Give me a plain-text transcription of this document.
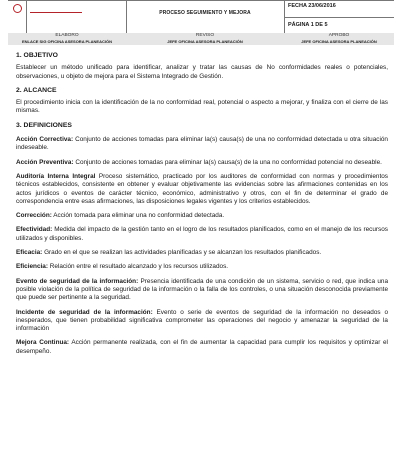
PROCESO SEGUIMIENTO Y MEJORA
FECHA 23/06/2016
PÁGINA 1 DE 5
ELABORO	REVISO	APROBO
ENLACE SIG OFICINA ASESORA PLANEACIÓN	JEFE OFICINA ASESORA PLANEACIÓN	JEFE OFICINA ASESORA PLANEACIÓN
1. OBJETIVO
Establecer un método unificado para identificar, analizar y tratar las causas de No conformidades reales o potenciales, observaciones, u objeto de mejora para el Sistema Integrado de Gestión.
2. ALCANCE
El procedimiento inicia con la identificación de la no conformidad real, potencial o aspecto a mejorar, y finaliza con el cierre de las mismas.
3. DEFINICIONES
Acción Correctiva: Conjunto de acciones tomadas para eliminar la(s) causa(s) de una no conformidad detectada u otra situación indeseable.
Acción Preventiva: Conjunto de acciones tomadas para eliminar la(s) causa(s) de la una no conformidad potencial no deseable.
Auditoría Interna Integral Proceso sistemático, practicado por los auditores de conformidad con normas y procedimientos técnicos establecidos, consistente en obtener y evaluar objetivamente las evidencias sobre las afirmaciones contenidas en los actos jurídicos o eventos de carácter técnico, económico, administrativo y otros, con el fin de determinar el grado de correspondencia entre esas afirmaciones, las disposiciones legales vigentes y los criterios establecidos.
Corrección: Acción tomada para eliminar una no conformidad detectada.
Efectividad: Medida del impacto de la gestión tanto en el logro de los resultados planificados, como en el manejo de los recursos utilizados y disponibles.
Eficacia: Grado en el que se realizan las actividades planificadas y se alcanzan los resultados planificados.
Eficiencia: Relación entre el resultado alcanzado y los recursos utilizados.
Evento de seguridad de la información: Presencia identificada de una condición de un sistema, servicio o red, que indica una posible violación de la política de seguridad de la información o la falla de los controles, o una situación desconocida previamente que puede ser pertinente a la seguridad.
Incidente de seguridad de la información: Evento o serie de eventos de seguridad de la información no deseados o inesperados, que tienen probabilidad significativa comprometer las operaciones del negocio y amenazar la seguridad de la información
Mejora Continua: Acción permanente realizada, con el fin de aumentar la capacidad para cumplir los requisitos y optimizar el desempeño.
